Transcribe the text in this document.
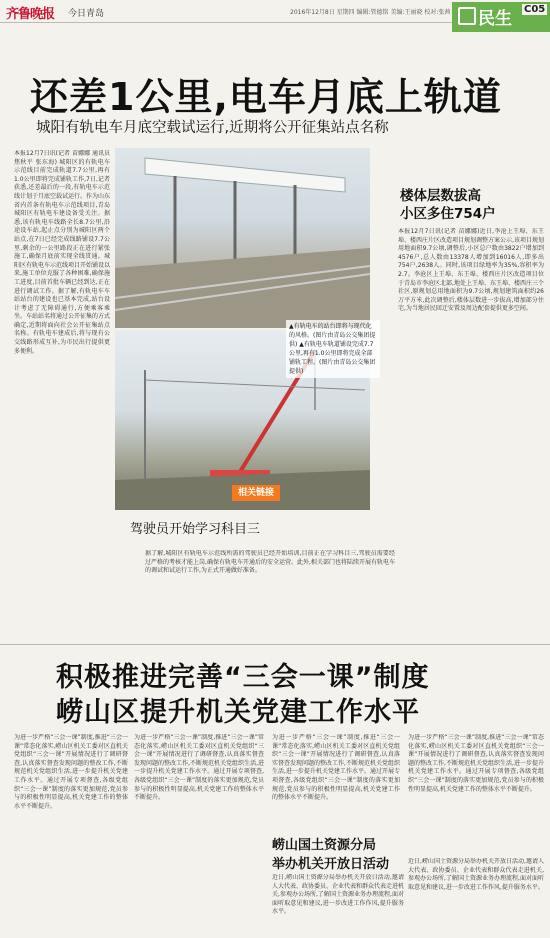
齐鲁晚报 今日青岛	2016年12月8日 星期四 编辑:管德铭 美编:王丽晓 校对:张茜 民生 C05
还差1公里,电车月底上轨道
城阳有轨电车月底空载试运行,近期将公开征集站点名称
本报12月7日讯(记者 苗娜娜 通讯员 焦秋平 张东海) 城阳区的有轨电车示范线目前完成轨道7.7公里,再有1.0公里即将完成铺轨工作,7日,记者获悉,还差最后的一段,有轨电车示范线计划于月底空载试运行。作为山东省内首条有轨电车示范线项目,青岛城阳区有轨电车建设备受关注。据悉,该有轨电车线路全长8.7公里,沿途设车站,起止点分别为城阳区两个站点,在7日已经完成线路铺设7.7公里,剩余的一公里路段正在进行紧张施工,确保月底前实现全线贯通。城阳区有轨电车示范线项目开始铺设以来,施工单位克服了各种困难,确保施工进度,目前首批车辆已经到达,正在进行调试工作。据了解,有轨电车车站站台的建设也已基本完成,站台设计考虑了无障碍通行,方便乘客乘坐。车站站名将通过公开征集的方式确定,近期将面向社会公开征集站点名称。有轨电车建成后,将与现有公交线路形成互补,为市民出行提供更多便利。
▲有轨电车的站台即将与现代化的风格。(图片由青岛公交集团提供) ▲有轨电车轨道铺设完成7.7公里,再有1.0公里即将完成全部铺轨工程。(图片由青岛公交集团提供)
楼体层数拔高
小区多住754户
本报12月7日讯(记者 苗娜娜)近日,李沧上王埠、东王埠、楼西庄片区改造项目规划调整方案公示,该项目规划用地面积9.7公顷,调整后,小区总户数由3822户增加到4576户,总人数由13378人增加到16016人,即多出754户,2638人。同时,该项目绿地率为35%,容积率为2.7。李沧区上王埠、东王埠、楼西庄片区改造项目位于青岛市李沧区北部,地处上王埠、东王埠、楼西庄三个社区,原规划总用地面积为9.7公顷,规划建筑面积约26万平方米,此次调整后,楼体层数进一步拔高,增加部分住宅,为当地居民回迁安置及周边配套提供更多空间。
相关链接
驾驶员开始学习科目三
据了解,城阳区有轨电车示范线所需的驾驶员已经开始培训,目前正在学习科目三,驾驶员需要经过严格的考核才能上岗,确保有轨电车开通后的安全运营。此外,相关部门也将陆续开展有轨电车的调试和试运行工作,为正式开通做好准备。
积极推进完善“三会一课”制度
崂山区提升机关党建工作水平
为进一步严格“三会一课”制度,推进“三会一课”常态化落实,崂山区机关工委对区直机关党组织“三会一课”开展情况进行了调研督查,认真落实督查发现问题的整改工作,不断规范机关党组织生活,进一步提升机关党建工作水平。通过开展专项督查,各级党组织“三会一课”制度的落实更加规范,党员参与的积极性明显提高,机关党建工作的整体水平不断提升。
为进一步严格“三会一课”制度,推进“三会一课”常态化落实,崂山区机关工委对区直机关党组织“三会一课”开展情况进行了调研督查,认真落实督查发现问题的整改工作,不断规范机关党组织生活,进一步提升机关党建工作水平。通过开展专项督查,各级党组织“三会一课”制度的落实更加规范,党员参与的积极性明显提高,机关党建工作的整体水平不断提升。
为进一步严格“三会一课”制度,推进“三会一课”常态化落实,崂山区机关工委对区直机关党组织“三会一课”开展情况进行了调研督查,认真落实督查发现问题的整改工作,不断规范机关党组织生活,进一步提升机关党建工作水平。通过开展专项督查,各级党组织“三会一课”制度的落实更加规范,党员参与的积极性明显提高,机关党建工作的整体水平不断提升。
为进一步严格“三会一课”制度,推进“三会一课”常态化落实,崂山区机关工委对区直机关党组织“三会一课”开展情况进行了调研督查,认真落实督查发现问题的整改工作,不断规范机关党组织生活,进一步提升机关党建工作水平。通过开展专项督查,各级党组织“三会一课”制度的落实更加规范,党员参与的积极性明显提高,机关党建工作的整体水平不断提升。
崂山国土资源分局
举办机关开放日活动
近日,崂山国土资源分局举办机关开放日活动,邀请人大代表、政协委员、企业代表和群众代表走进机关,参观办公场所,了解国土资源业务办理流程,面对面听取意见和建议,进一步改进工作作风,提升服务水平。
近日,崂山国土资源分局举办机关开放日活动,邀请人大代表、政协委员、企业代表和群众代表走进机关,参观办公场所,了解国土资源业务办理流程,面对面听取意见和建议,进一步改进工作作风,提升服务水平。
